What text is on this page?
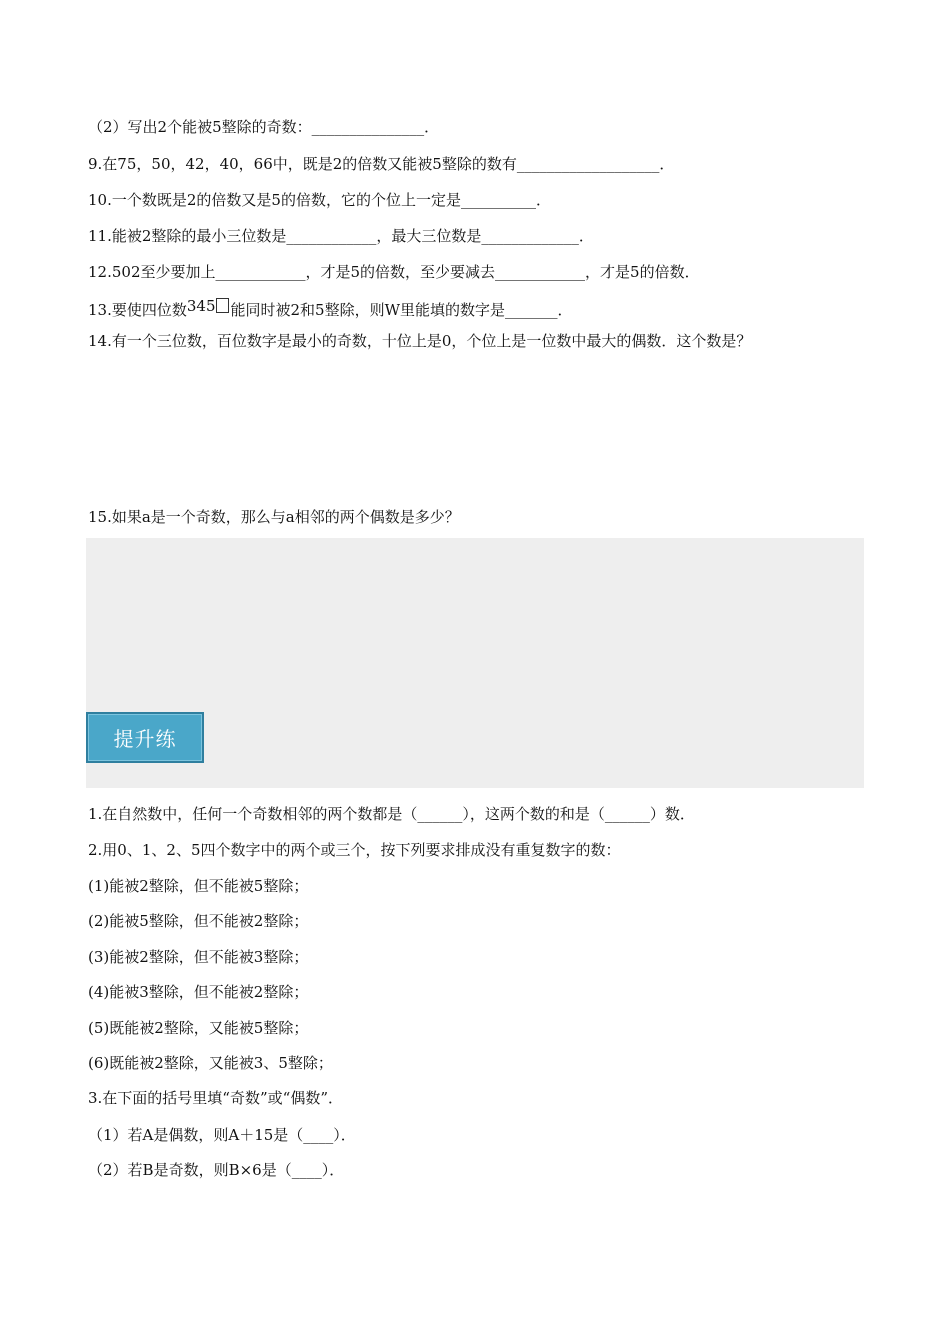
（2）写出2个能被5整除的奇数：_______________．
9.在75，50，42，40，66中，既是2的倍数又能被5整除的数有___________________．
10.一个数既是2的倍数又是5的倍数，它的个位上一定是__________．
11.能被2整除的最小三位数是____________，最大三位数是_____________．
12.502至少要加上____________，才是5的倍数，至少要减去____________，才是5的倍数．
13.要使四位数345 能同时被2和5整除，则W里能填的数字是_______．
14.有一个三位数，百位数字是最小的奇数，十位上是0，个位上是一位数中最大的偶数．这个数是？
15.如果a是一个奇数，那么与a相邻的两个偶数是多少？
提升练
1.在自然数中，任何一个奇数相邻的两个数都是（______），这两个数的和是（______）数．
2.用0、1、2、5四个数字中的两个或三个，按下列要求排成没有重复数字的数：
(1)能被2整除，但不能被5整除；
(2)能被5整除，但不能被2整除；
(3)能被2整除，但不能被3整除；
(4)能被3整除，但不能被2整除；
(5)既能被2整除，又能被5整除；
(6)既能被2整除，又能被3、5整除；
3.在下面的括号里填“奇数”或“偶数”．
（1）若A是偶数，则A＋15是（____）．
（2）若B是奇数，则B×6是（____）．
